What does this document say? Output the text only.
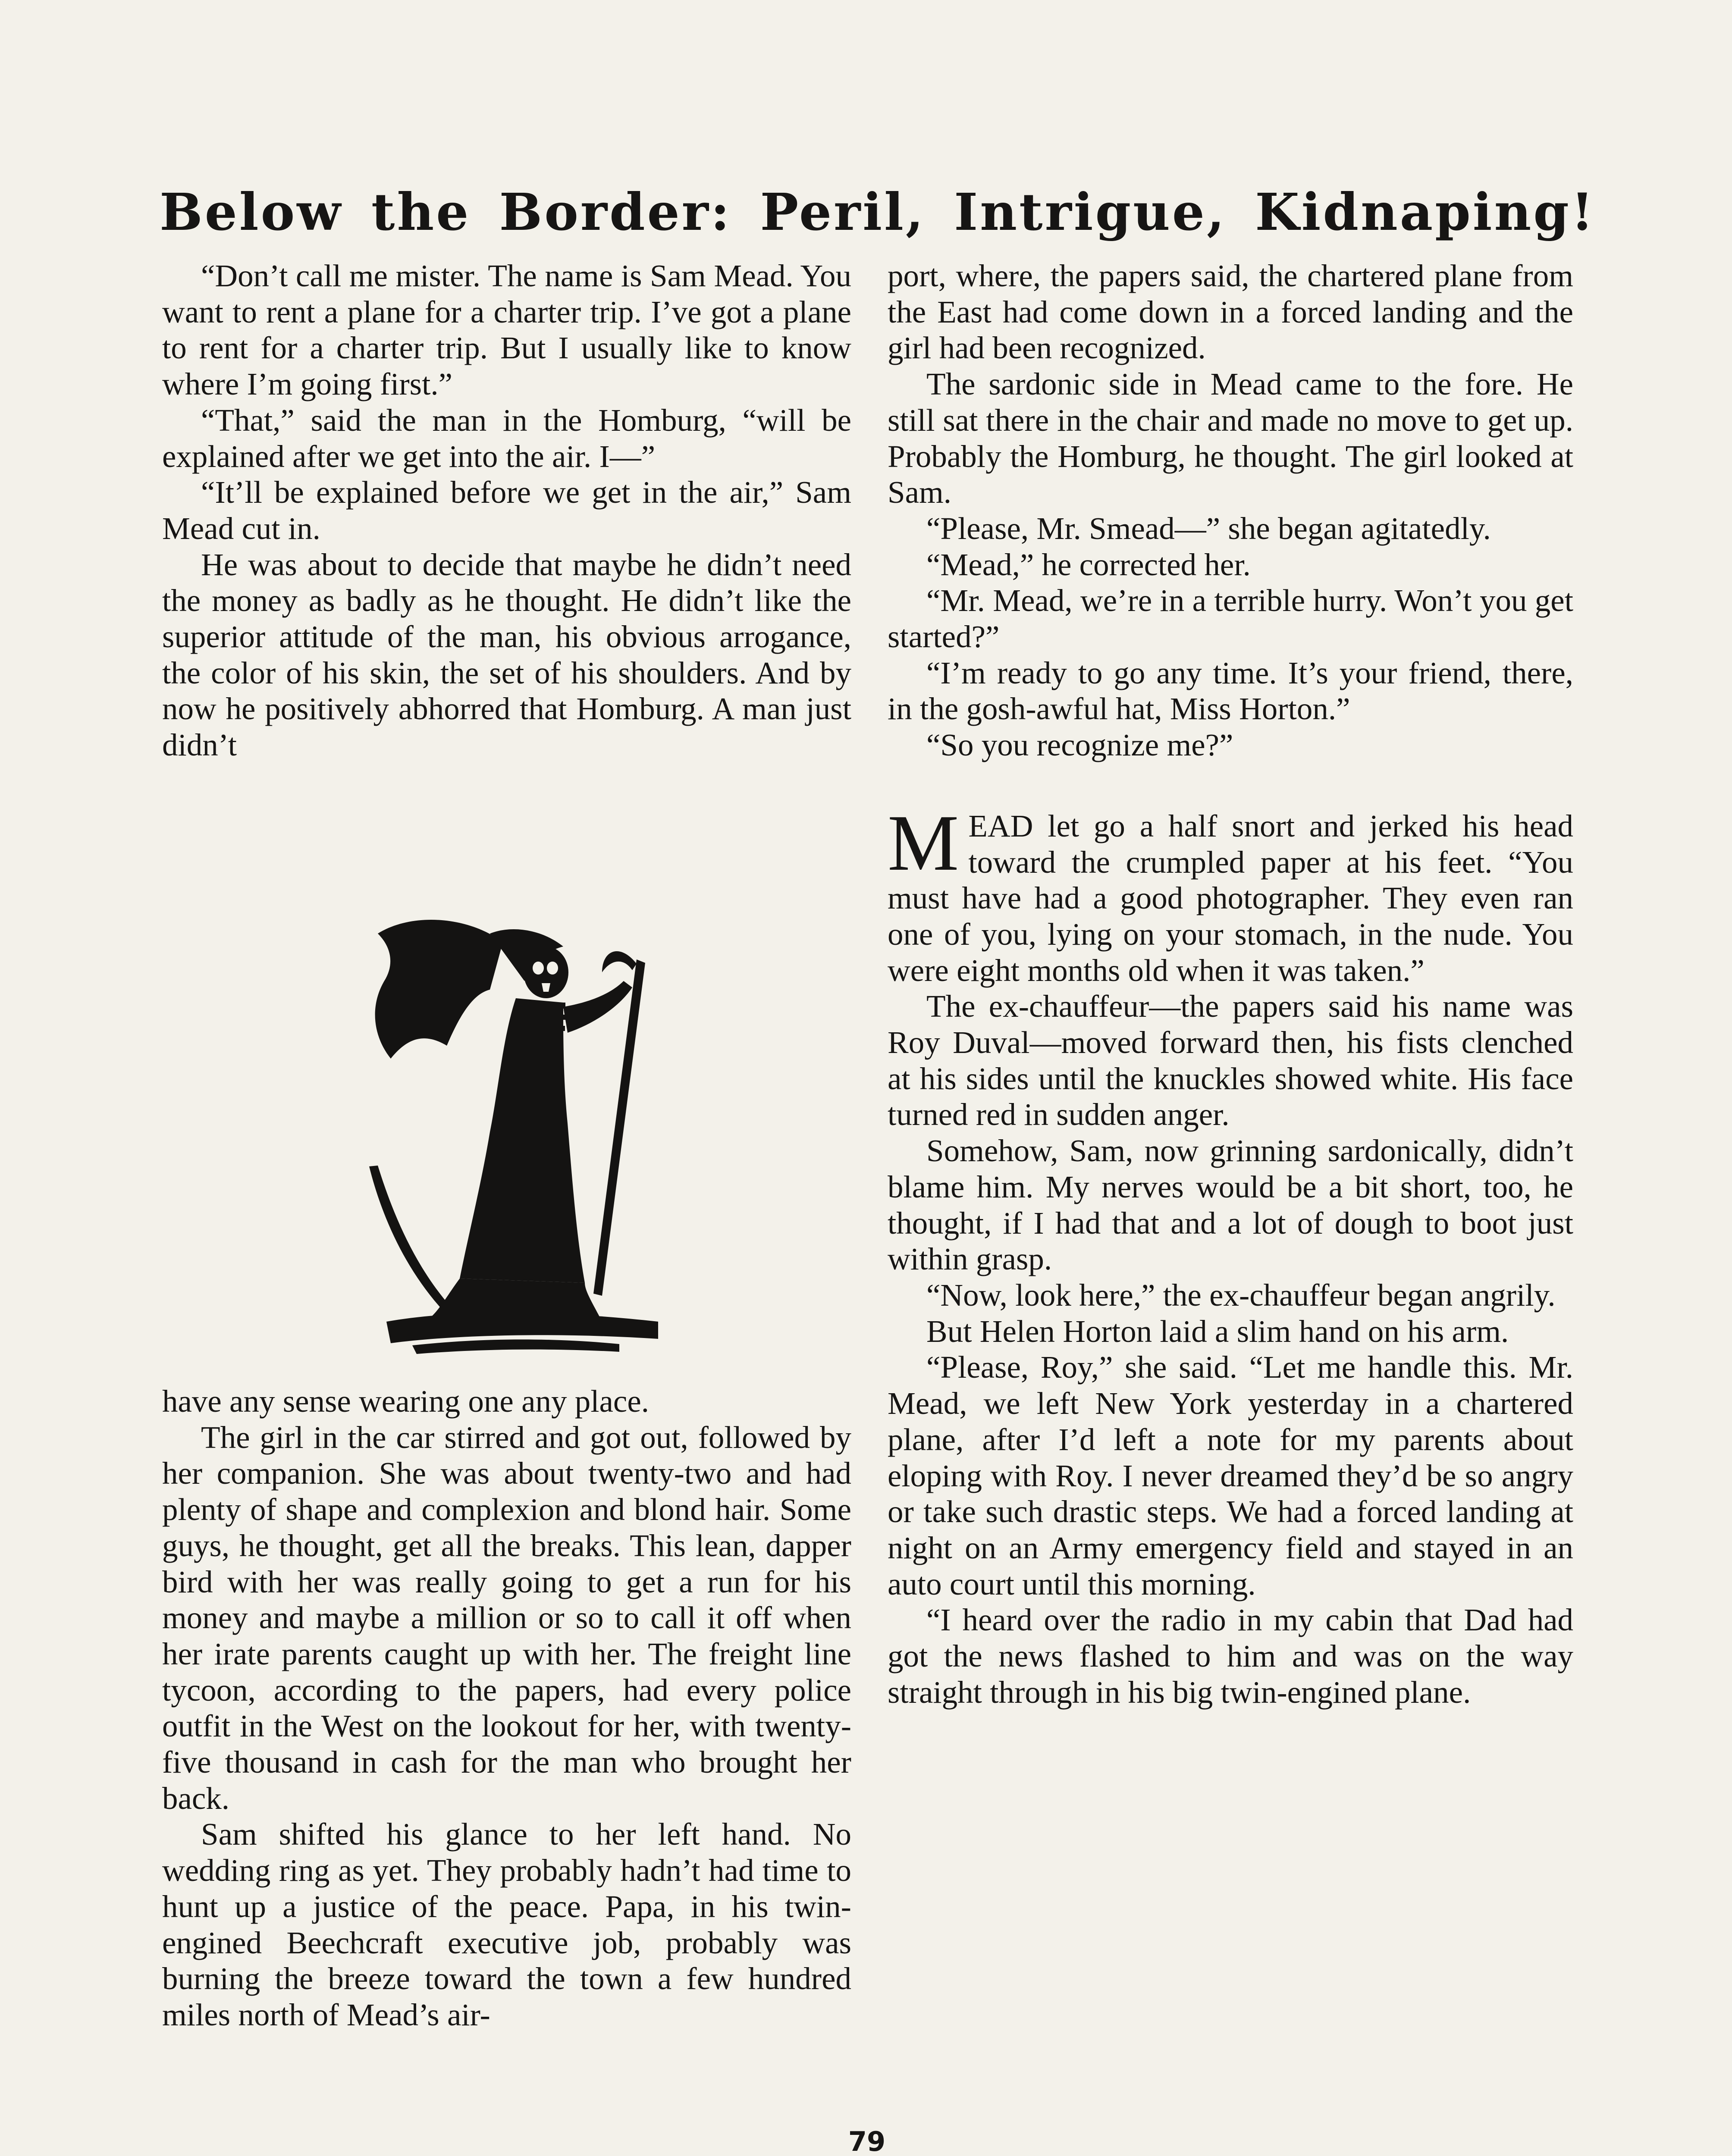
Below the Border: Peril, Intrigue, Kidnaping!

“Don’t call me mister. The name is Sam Mead. You want to rent a plane for a charter trip. I’ve got a plane to rent for a charter trip. But I usually like to know where I’m going first.”

“That,” said the man in the Homburg, “will be explained after we get into the air. I—”

“It’ll be explained before we get in the air,” Sam Mead cut in.

He was about to decide that maybe he didn’t need the money as badly as he thought. He didn’t like the superior attitude of the man, his obvious arrogance, the color of his skin, the set of his shoulders. And by now he positively abhorred that Homburg. A man just didn’t

have any sense wearing one any place.

The girl in the car stirred and got out, followed by her companion. She was about twenty-two and had plenty of shape and complexion and blond hair. Some guys, he thought, get all the breaks. This lean, dapper bird with her was really going to get a run for his money and maybe a million or so to call it off when her irate parents caught up with her. The freight line tycoon, according to the papers, had every police outfit in the West on the lookout for her, with twenty-five thousand in cash for the man who brought her back.

Sam shifted his glance to her left hand. No wedding ring as yet. They probably hadn’t had time to hunt up a justice of the peace. Papa, in his twin-engined Beechcraft executive job, probably was burning the breeze toward the town a few hundred miles north of Mead’s air-

port, where, the papers said, the chartered plane from the East had come down in a forced landing and the girl had been recognized.

The sardonic side in Mead came to the fore. He still sat there in the chair and made no move to get up. Probably the Homburg, he thought. The girl looked at Sam.

“Please, Mr. Smead—” she began agitatedly.

“Mead,” he corrected her.

“Mr. Mead, we’re in a terrible hurry. Won’t you get started?”

“I’m ready to go any time. It’s your friend, there, in the gosh-awful hat, Miss Horton.”

“So you recognize me?”

MEAD let go a half snort and jerked his head toward the crumpled paper at his feet. “You must have had a good photographer. They even ran one of you, lying on your stomach, in the nude. You were eight months old when it was taken.”

The ex-chauffeur—the papers said his name was Roy Duval—moved forward then, his fists clenched at his sides until the knuckles showed white. His face turned red in sudden anger.

Somehow, Sam, now grinning sardonically, didn’t blame him. My nerves would be a bit short, too, he thought, if I had that and a lot of dough to boot just within grasp.

“Now, look here,” the ex-chauffeur began angrily.

But Helen Horton laid a slim hand on his arm.

“Please, Roy,” she said. “Let me handle this. Mr. Mead, we left New York yesterday in a chartered plane, after I’d left a note for my parents about eloping with Roy. I never dreamed they’d be so angry or take such drastic steps. We had a forced landing at night on an Army emergency field and stayed in an auto court until this morning.

“I heard over the radio in my cabin that Dad had got the news flashed to him and was on the way straight through in his big twin-engined plane.

79
